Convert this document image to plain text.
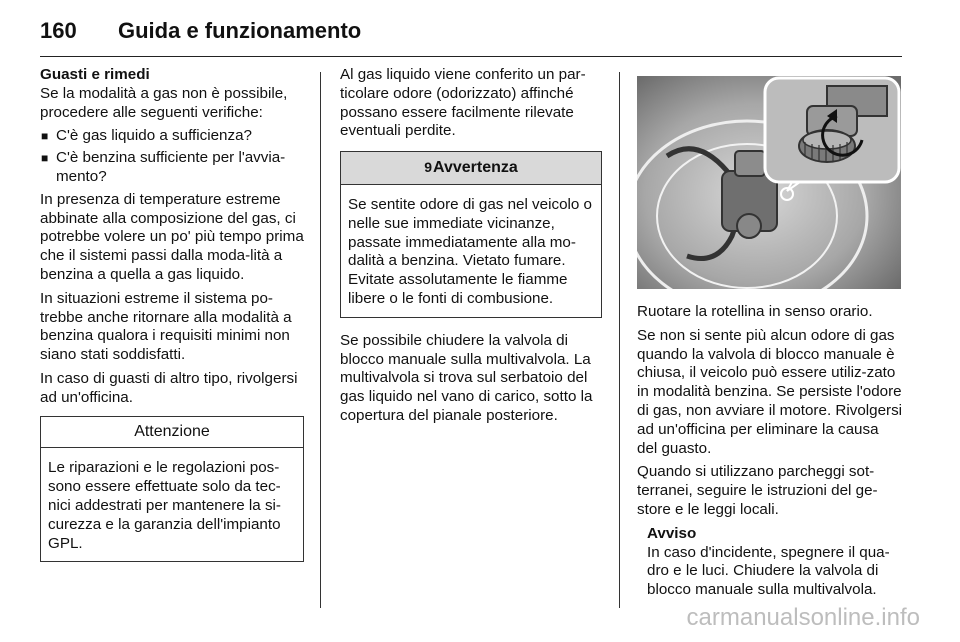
160 Guida e funzionamento
Guasti e rimedi

Se la modalità a gas non è possibile, procedere alle seguenti verifiche:

■ C'è gas liquido a sufficienza?
■ C'è benzina sufficiente per l'avvia-mento?

In presenza di temperature estreme abbinate alla composizione del gas, ci potrebbe volere un po' più tempo prima che il sistemi passi dalla moda-lità a benzina a quella a gas liquido.

In situazioni estreme il sistema po-trebbe anche ritornare alla modalità a benzina qualora i requisiti minimi non siano stati soddisfatti.

In caso di guasti di altro tipo, rivolgersi ad un'officina.

Attenzione
Le riparazioni e le regolazioni pos-sono essere effettuate solo da tec-nici addestrati per mantenere la si-curezza e la garanzia dell'impianto GPL.

Al gas liquido viene conferito un par-ticolare odore (odorizzato) affinché possano essere facilmente rilevate eventuali perdite.

9Avvertenza
Se sentite odore di gas nel veicolo o nelle sue immediate vicinanze, passate immediatamente alla mo-dalità a benzina. Vietato fumare. Evitate assolutamente le fiamme libere o le fonti di combusione.

Se possibile chiudere la valvola di blocco manuale sulla multivalvola. La multivalvola si trova sul serbatoio del gas liquido nel vano di carico, sotto la copertura del pianale posteriore.

Ruotare la rotellina in senso orario.

Se non si sente più alcun odore di gas quando la valvola di blocco manuale è chiusa, il veicolo può essere utiliz-zato in modalità benzina. Se persiste l'odore di gas, non avviare il motore. Rivolgersi ad un'officina per eliminare la causa del guasto.

Quando si utilizzano parcheggi sot-terranei, seguire le istruzioni del ge-store e le leggi locali.

Avviso
In caso d'incidente, spegnere il qua-dro e le luci. Chiudere la valvola di blocco manuale sulla multivalvola.
carmanualsonline.info
